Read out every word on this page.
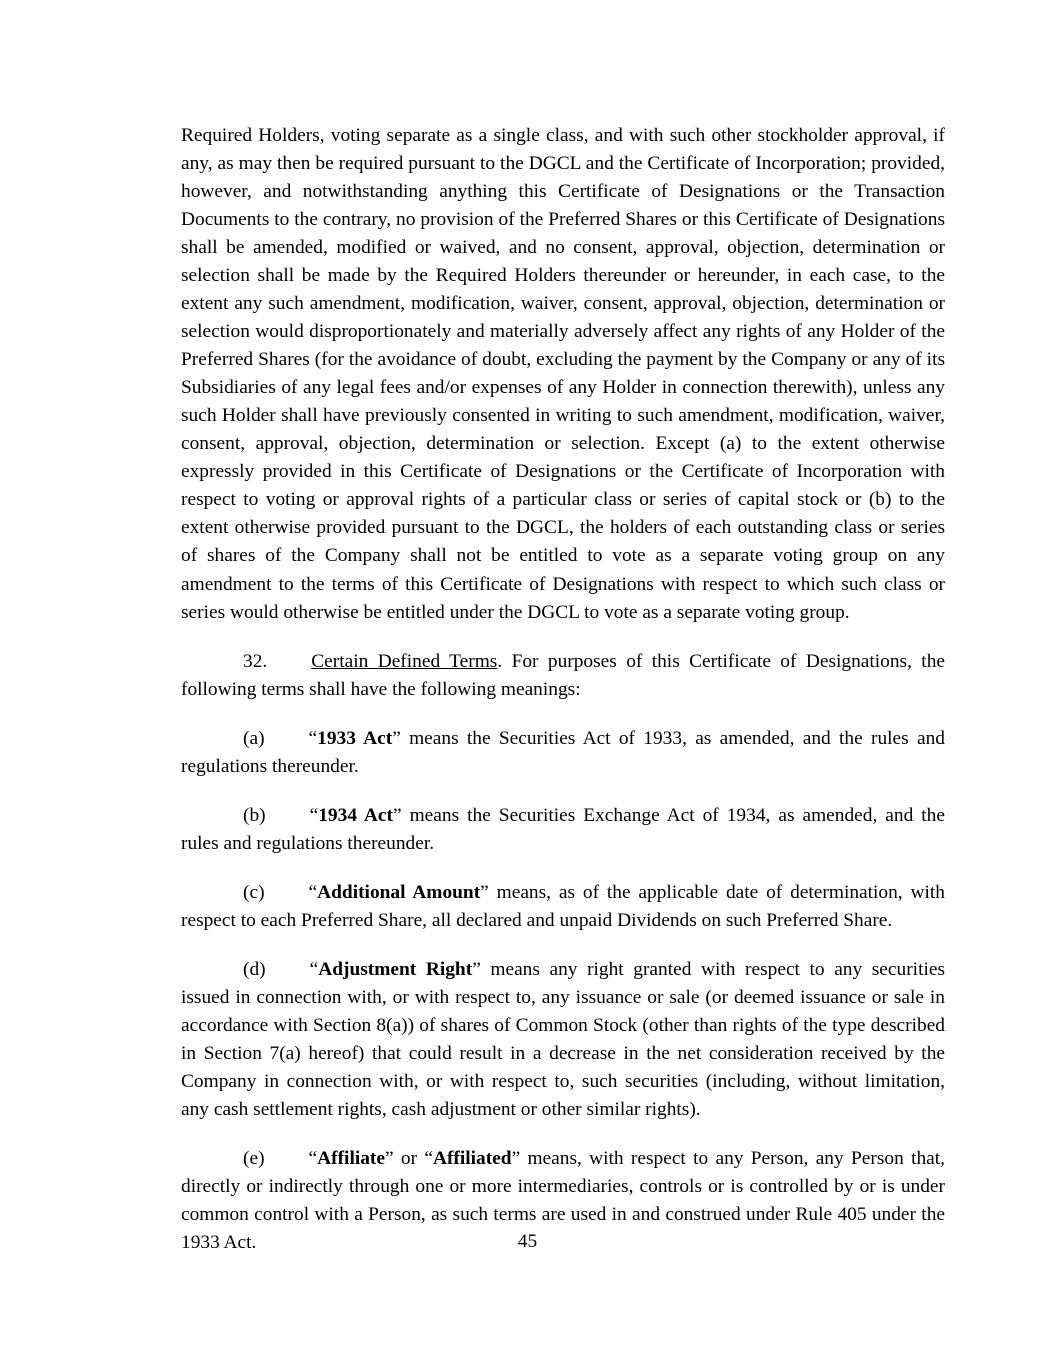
Required Holders, voting separate as a single class, and with such other stockholder approval, if any, as may then be required pursuant to the DGCL and the Certificate of Incorporation; provided, however, and notwithstanding anything this Certificate of Designations or the Transaction Documents to the contrary, no provision of the Preferred Shares or this Certificate of Designations shall be amended, modified or waived, and no consent, approval, objection, determination or selection shall be made by the Required Holders thereunder or hereunder, in each case, to the extent any such amendment, modification, waiver, consent, approval, objection, determination or selection would disproportionately and materially adversely affect any rights of any Holder of the Preferred Shares (for the avoidance of doubt, excluding the payment by the Company or any of its Subsidiaries of any legal fees and/or expenses of any Holder in connection therewith), unless any such Holder shall have previously consented in writing to such amendment, modification, waiver, consent, approval, objection, determination or selection. Except (a) to the extent otherwise expressly provided in this Certificate of Designations or the Certificate of Incorporation with respect to voting or approval rights of a particular class or series of capital stock or (b) to the extent otherwise provided pursuant to the DGCL, the holders of each outstanding class or series of shares of the Company shall not be entitled to vote as a separate voting group on any amendment to the terms of this Certificate of Designations with respect to which such class or series would otherwise be entitled under the DGCL to vote as a separate voting group.

32. Certain Defined Terms. For purposes of this Certificate of Designations, the following terms shall have the following meanings:

(a) “1933 Act” means the Securities Act of 1933, as amended, and the rules and regulations thereunder.

(b) “1934 Act” means the Securities Exchange Act of 1934, as amended, and the rules and regulations thereunder.

(c) “Additional Amount” means, as of the applicable date of determination, with respect to each Preferred Share, all declared and unpaid Dividends on such Preferred Share.

(d) “Adjustment Right” means any right granted with respect to any securities issued in connection with, or with respect to, any issuance or sale (or deemed issuance or sale in accordance with Section 8(a)) of shares of Common Stock (other than rights of the type described in Section 7(a) hereof) that could result in a decrease in the net consideration received by the Company in connection with, or with respect to, such securities (including, without limitation, any cash settlement rights, cash adjustment or other similar rights).

(e) “Affiliate” or “Affiliated” means, with respect to any Person, any Person that, directly or indirectly through one or more intermediaries, controls or is controlled by or is under common control with a Person, as such terms are used in and construed under Rule 405 under the 1933 Act.	45
